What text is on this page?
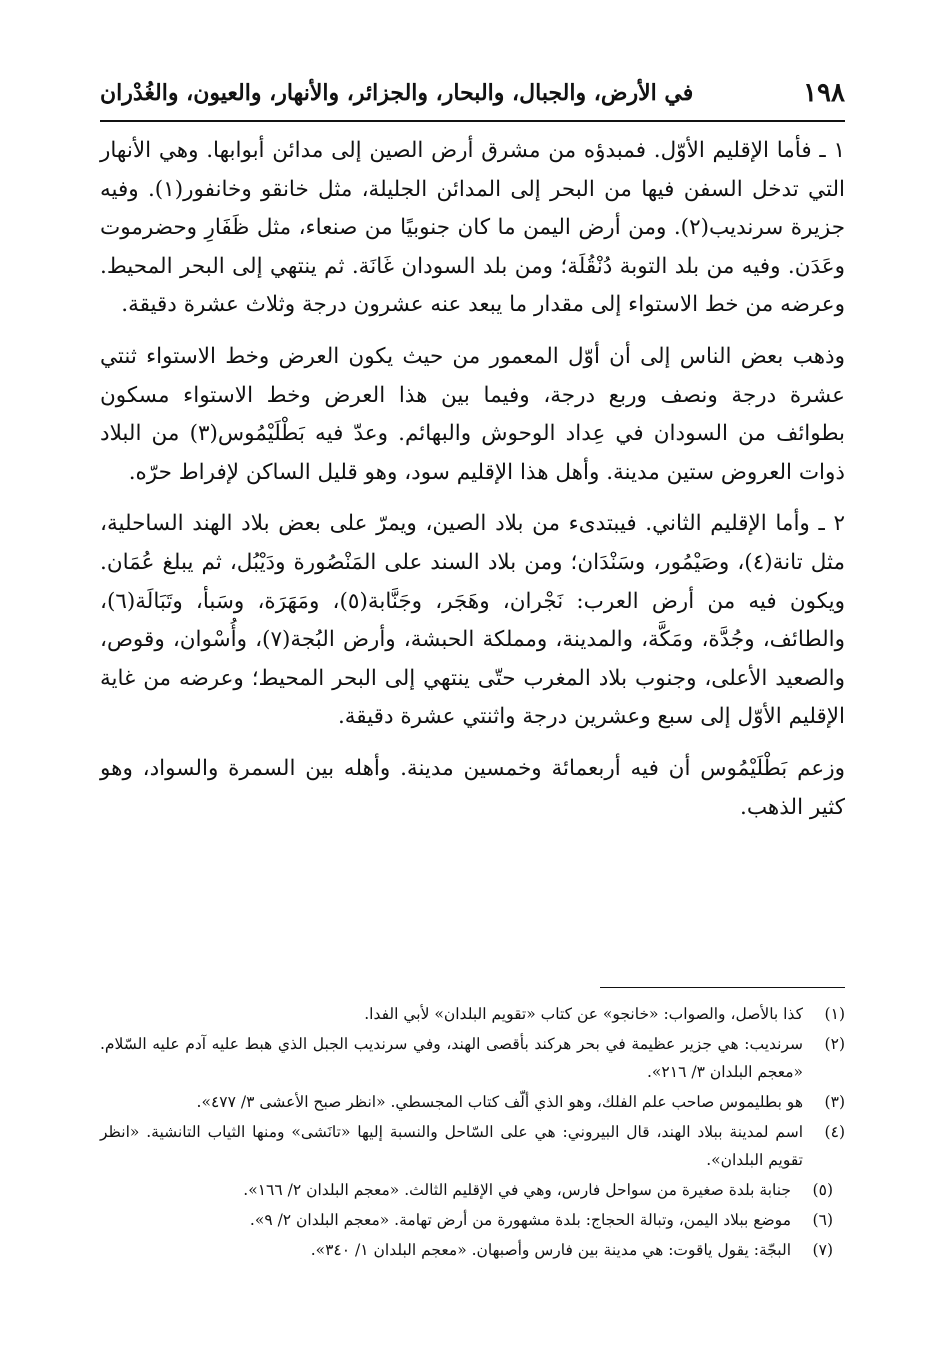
١٩٨
في الأرض، والجبال، والبحار، والجزائر، والأنهار، والعيون، والغُدْران

١ ـ فأما الإقليم الأوّل. فمبدؤه من مشرق أرض الصين إلى مدائن أبوابها. وهي الأنهار التي تدخل السفن فيها من البحر إلى المدائن الجليلة، مثل خانقو وخانفور(١). وفيه جزيرة سرنديب(٢). ومن أرض اليمن ما كان جنوبيًا من صنعاء، مثل ظَفَارِ وحضرموت وعَدَن. وفيه من بلد التوبة دُنْقُلَة؛ ومن بلد السودان غَانَة. ثم ينتهي إلى البحر المحيط. وعرضه من خط الاستواء إلى مقدار ما يبعد عنه عشرون درجة وثلاث عشرة دقيقة.

وذهب بعض الناس إلى أن أوّل المعمور من حيث يكون العرض وخط الاستواء ثنتي عشرة درجة ونصف وربع درجة، وفيما بين هذا العرض وخط الاستواء مسكون بطوائف من السودان في عِداد الوحوش والبهائم. وعدّ فيه بَطْلَيْمُوس(٣) من البلاد ذوات العروض ستين مدينة. وأهل هذا الإقليم سود، وهو قليل الساكن لإفراط حرّه.

٢ ـ وأما الإقليم الثاني. فيبتدىء من بلاد الصين، ويمرّ على بعض بلاد الهند الساحلية، مثل تانة(٤)، وصَيْمُور، وسَنْدَان؛ ومن بلاد السند على المَنْصُورة ودَيْبُل، ثم يبلغ عُمَان. ويكون فيه من أرض العرب: نَجْران، وهَجَر، وجَنَّابة(٥)، ومَهَرَة، وسَبأ، وتَبَالَة(٦)، والطائف، وجُدَّة، ومَكَّة، والمدينة، ومملكة الحبشة، وأرض البُجة(٧)، وأُسْوان، وقوص، والصعيد الأعلى، وجنوب بلاد المغرب حتّى ينتهي إلى البحر المحيط؛ وعرضه من غاية الإقليم الأوّل إلى سبع وعشرين درجة واثنتي عشرة دقيقة.

وزعم بَطْلَيْمُوس أن فيه أربعمائة وخمسين مدينة. وأهله بين السمرة والسواد، وهو كثير الذهب.

(١)
كذا بالأصل، والصواب: «خانجو» عن كتاب «تقويم البلدان» لأبي الفدا.
(٢)
سرنديب: هي جزير عظيمة في بحر هركند بأقصى الهند، وفي سرنديب الجبل الذي هبط عليه آدم عليه السّلام. «معجم البلدان ٣/ ٢١٦».
(٣)
هو بطليموس صاحب علم الفلك، وهو الذي ألّف كتاب المجسطي. «انظر صبح الأعشى ٣/ ٤٧٧».
(٤)
اسم لمدينة ببلاد الهند، قال البيروني: هي على السّاحل والنسبة إليها «تانَشى» ومنها الثياب التانشية. «انظر تقويم البلدان».
(٥)
جنابة بلدة صغيرة من سواحل فارس، وهي في الإقليم الثالث. «معجم البلدان ٢/ ١٦٦».
(٦)
موضع ببلاد اليمن، وتبالة الحجاج: بلدة مشهورة من أرض تهامة. «معجم البلدان ٢/ ٩».
(٧)
البجّة: يقول ياقوت: هي مدينة بين فارس وأصبهان. «معجم البلدان ١/ ٣٤٠».
